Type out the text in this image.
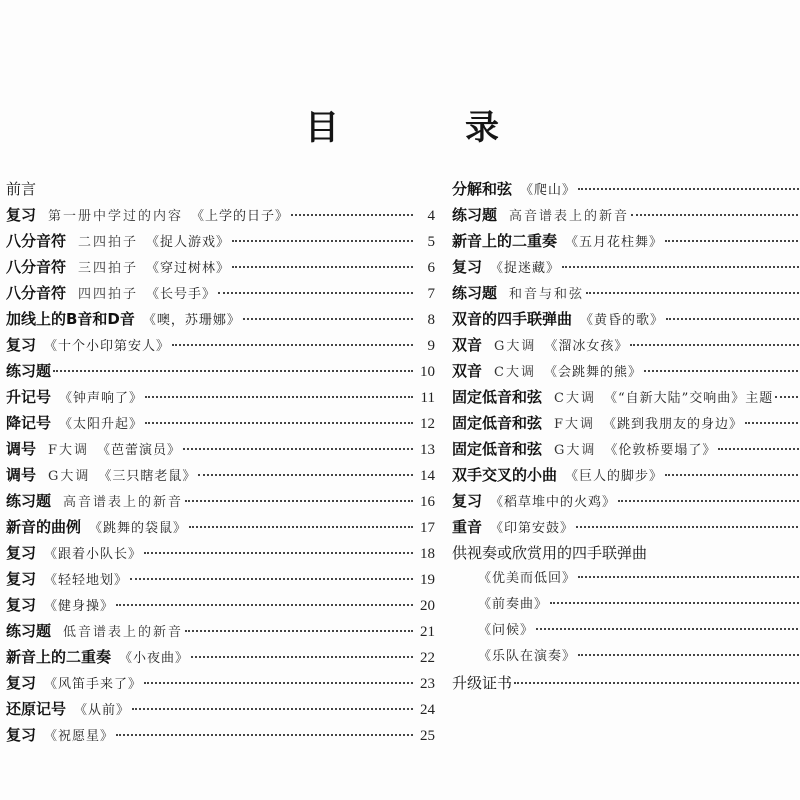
目　录
前言
复习 第一册中学过的内容 《上学的日子》	4
八分音符 二四拍子 《捉人游戏》	5
八分音符 三四拍子 《穿过树林》	6
八分音符 四四拍子 《长号手》	7
加线上的B音和D音 《噢，苏珊娜》	8
复习 《十个小印第安人》	9
练习题	10
升记号 《钟声响了》	11
降记号 《太阳升起》	12
调号 F大调 《芭蕾演员》	13
调号 G大调 《三只瞎老鼠》	14
练习题 高音谱表上的新音	16
新音的曲例 《跳舞的袋鼠》	17
复习 《跟着小队长》	18
复习 《轻轻地划》	19
复习 《健身操》	20
练习题 低音谱表上的新音	21
新音上的二重奏 《小夜曲》	22
复习 《风笛手来了》	23
还原记号 《从前》	24
复习 《祝愿星》	25
分解和弦 《爬山》
练习题 高音谱表上的新音
新音上的二重奏 《五月花柱舞》
复习 《捉迷藏》
练习题 和音与和弦
双音的四手联弹曲 《黄昏的歌》
双音 G大调 《溜冰女孩》
双音 C大调 《会跳舞的熊》
固定低音和弦 C大调 《“自新大陆”交响曲》主题
固定低音和弦 F大调 《跳到我朋友的身边》
固定低音和弦 G大调 《伦敦桥要塌了》
双手交叉的小曲 《巨人的脚步》
复习 《稻草堆中的火鸡》
重音 《印第安鼓》
供视奏或欣赏用的四手联弹曲
《优美而低回》
《前奏曲》
《问候》
《乐队在演奏》
升级证书
